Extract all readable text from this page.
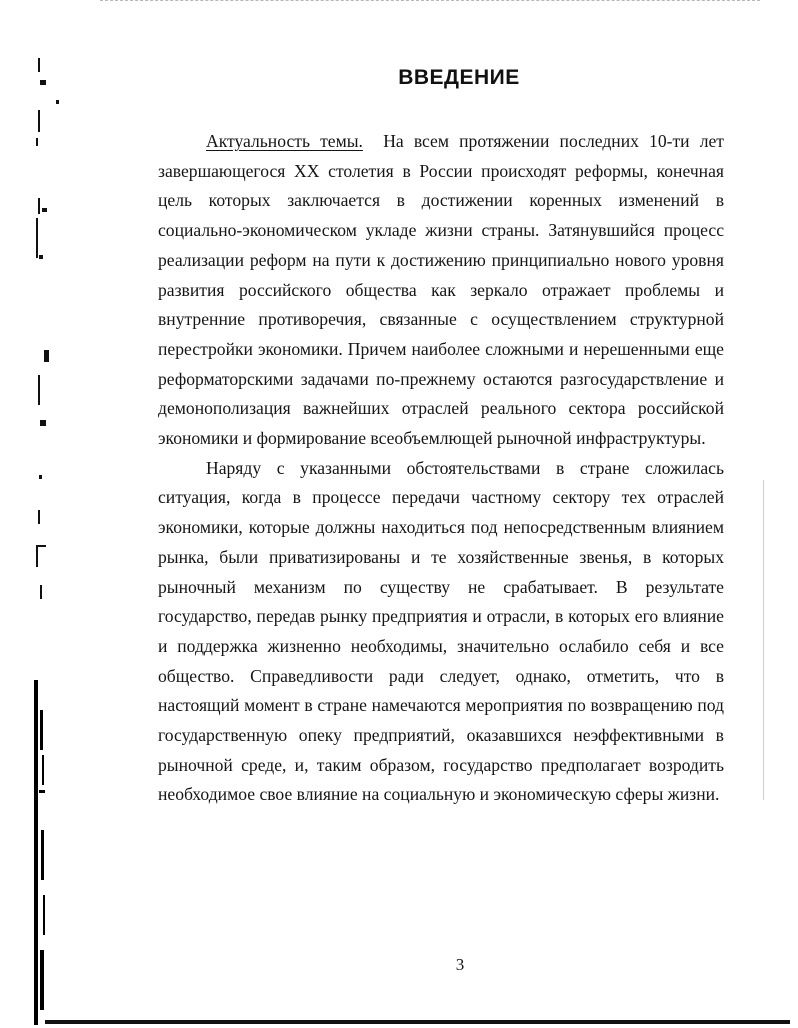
ВВЕДЕНИЕ

Актуальность темы. На всем протяжении последних 10-ти лет завершающегося XX столетия в России происходят реформы, конечная цель которых заключается в достижении коренных изменений в социально-экономическом укладе жизни страны. Затянувшийся процесс реализации реформ на пути к достижению принципиально нового уровня развития российского общества как зеркало отражает проблемы и внутренние противоречия, связанные с осуществлением структурной перестройки экономики. Причем наиболее сложными и нерешенными еще реформаторскими задачами по-прежнему остаются разгосударствление и демонополизация важнейших отраслей реального сектора российской экономики и формирование всеобъемлющей рыночной инфраструктуры.

Наряду с указанными обстоятельствами в стране сложилась ситуация, когда в процессе передачи частному сектору тех отраслей экономики, которые должны находиться под непосредственным влиянием рынка, были приватизированы и те хозяйственные звенья, в которых рыночный механизм по существу не срабатывает. В результате государство, передав рынку предприятия и отрасли, в которых его влияние и поддержка жизненно необходимы, значительно ослабило себя и все общество. Справедливости ради следует, однако, отметить, что в настоящий момент в стране намечаются мероприятия по возвращению под государственную опеку предприятий, оказавшихся неэффективными в рыночной среде, и, таким образом, государство предполагает возродить необходимое свое влияние на социальную и экономическую сферы жизни.

3
